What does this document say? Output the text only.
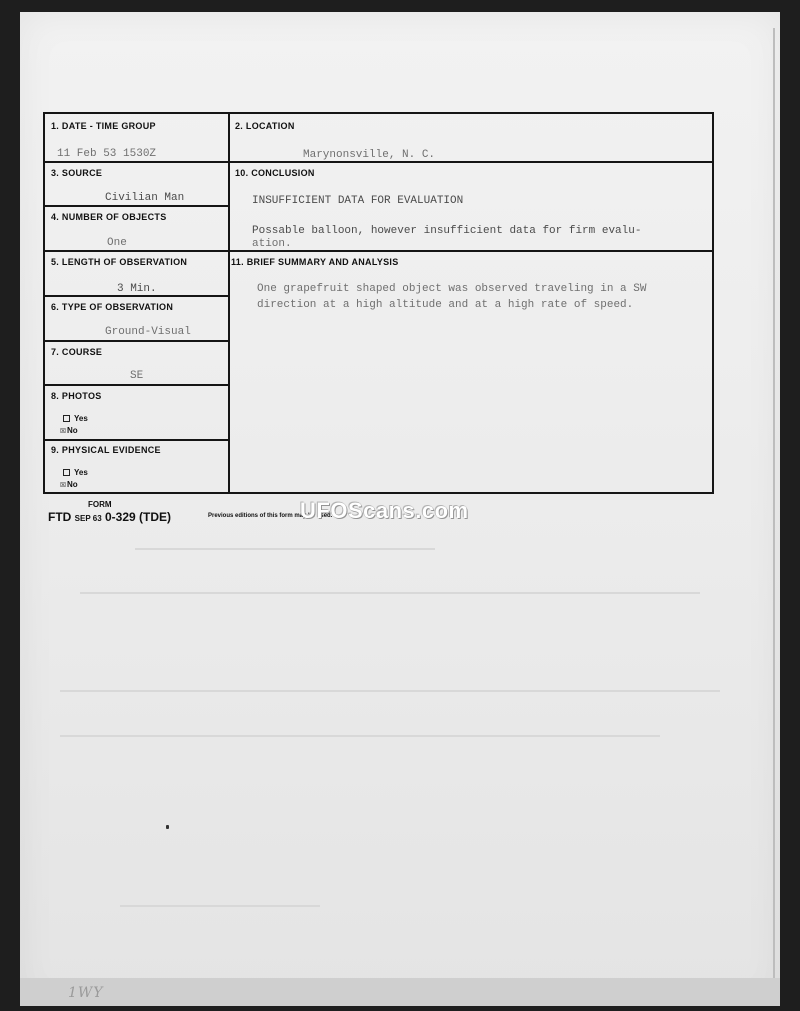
1WY
1. DATE - TIME GROUP
11 Feb 53 1530Z
2. LOCATION
Marynonsville, N. C.
3. SOURCE
Civilian Man
10. CONCLUSION
INSUFFICIENT DATA FOR EVALUATION
4. NUMBER OF OBJECTS
One
Possable balloon, however insufficient data for firm evalu-
ation.
5. LENGTH OF OBSERVATION
3 Min.
11. BRIEF SUMMARY AND ANALYSIS
One grapefruit shaped object was observed traveling in a SW
direction at a high altitude and at a high rate of speed.
6. TYPE OF OBSERVATION
Ground-Visual
7. COURSE
SE
8. PHOTOS
Yes
☒No
9. PHYSICAL EVIDENCE
Yes
☒No
FORM
FTD SEP 63 0-329 (TDE)	Previous editions of this form may be used.
UFOScans.com
